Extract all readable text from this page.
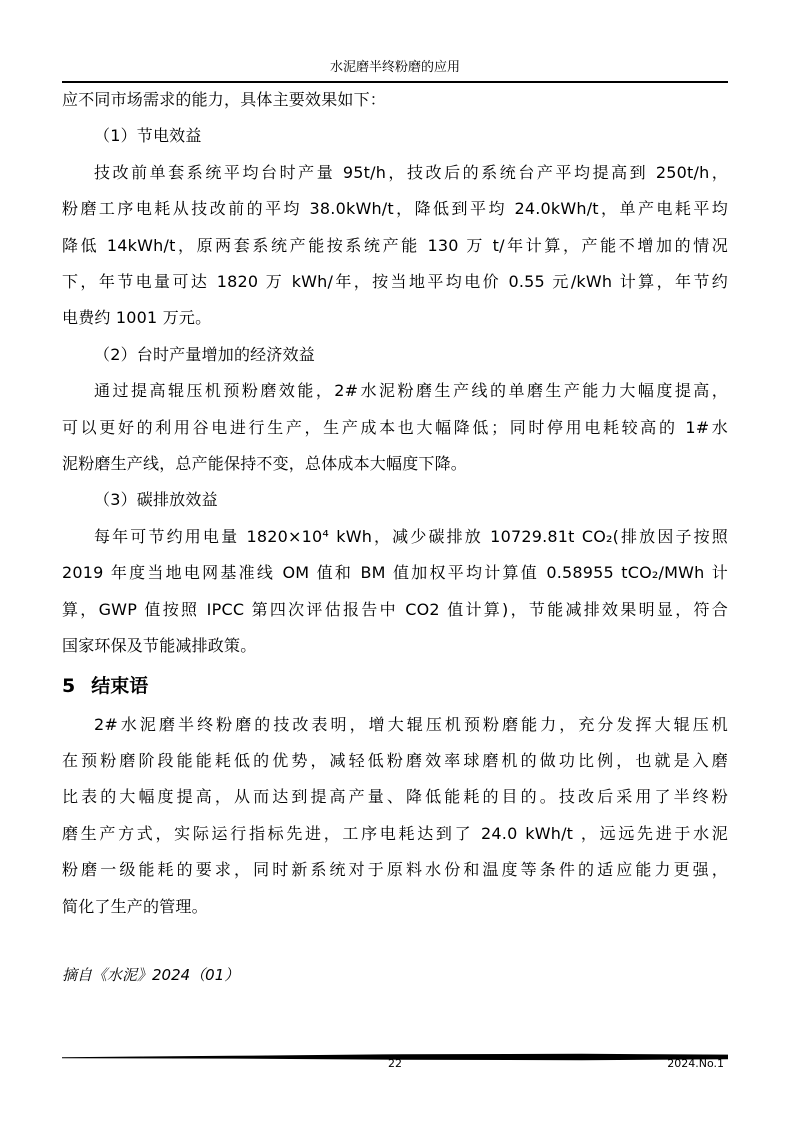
水泥磨半终粉磨的应用
应不同市场需求的能力，具体主要效果如下：
（1）节电效益
技改前单套系统平均台时产量 95t/h，技改后的系统台产平均提高到 250t/h，
粉磨工序电耗从技改前的平均 38.0kWh/t，降低到平均 24.0kWh/t，单产电耗平均
降低 14kWh/t，原两套系统产能按系统产能 130 万 t/年计算，产能不增加的情况
下，年节电量可达 1820 万 kWh/年，按当地平均电价 0.55 元/kWh 计算，年节约
电费约 1001 万元。
（2）台时产量增加的经济效益
通过提高辊压机预粉磨效能，2#水泥粉磨生产线的单磨生产能力大幅度提高，
可以更好的利用谷电进行生产，生产成本也大幅降低；同时停用电耗较高的 1#水
泥粉磨生产线，总产能保持不变，总体成本大幅度下降。
（3）碳排放效益
每年可节约用电量 1820×10⁴ kWh，减少碳排放 10729.81t CO₂(排放因子按照
2019 年度当地电网基准线 OM 值和 BM 值加权平均计算值 0.58955 tCO₂/MWh 计
算，GWP 值按照 IPCC 第四次评估报告中 CO2 值计算)，节能减排效果明显，符合
国家环保及节能减排政策。
5 结束语
2#水泥磨半终粉磨的技改表明，增大辊压机预粉磨能力，充分发挥大辊压机
在预粉磨阶段能能耗低的优势，减轻低粉磨效率球磨机的做功比例，也就是入磨
比表的大幅度提高，从而达到提高产量、降低能耗的目的。技改后采用了半终粉
磨生产方式，实际运行指标先进，工序电耗达到了 24.0 kWh/t ，远远先进于水泥
粉磨一级能耗的要求，同时新系统对于原料水份和温度等条件的适应能力更强，
简化了生产的管理。
摘自《水泥》2024（01）
22	2024.No.1
